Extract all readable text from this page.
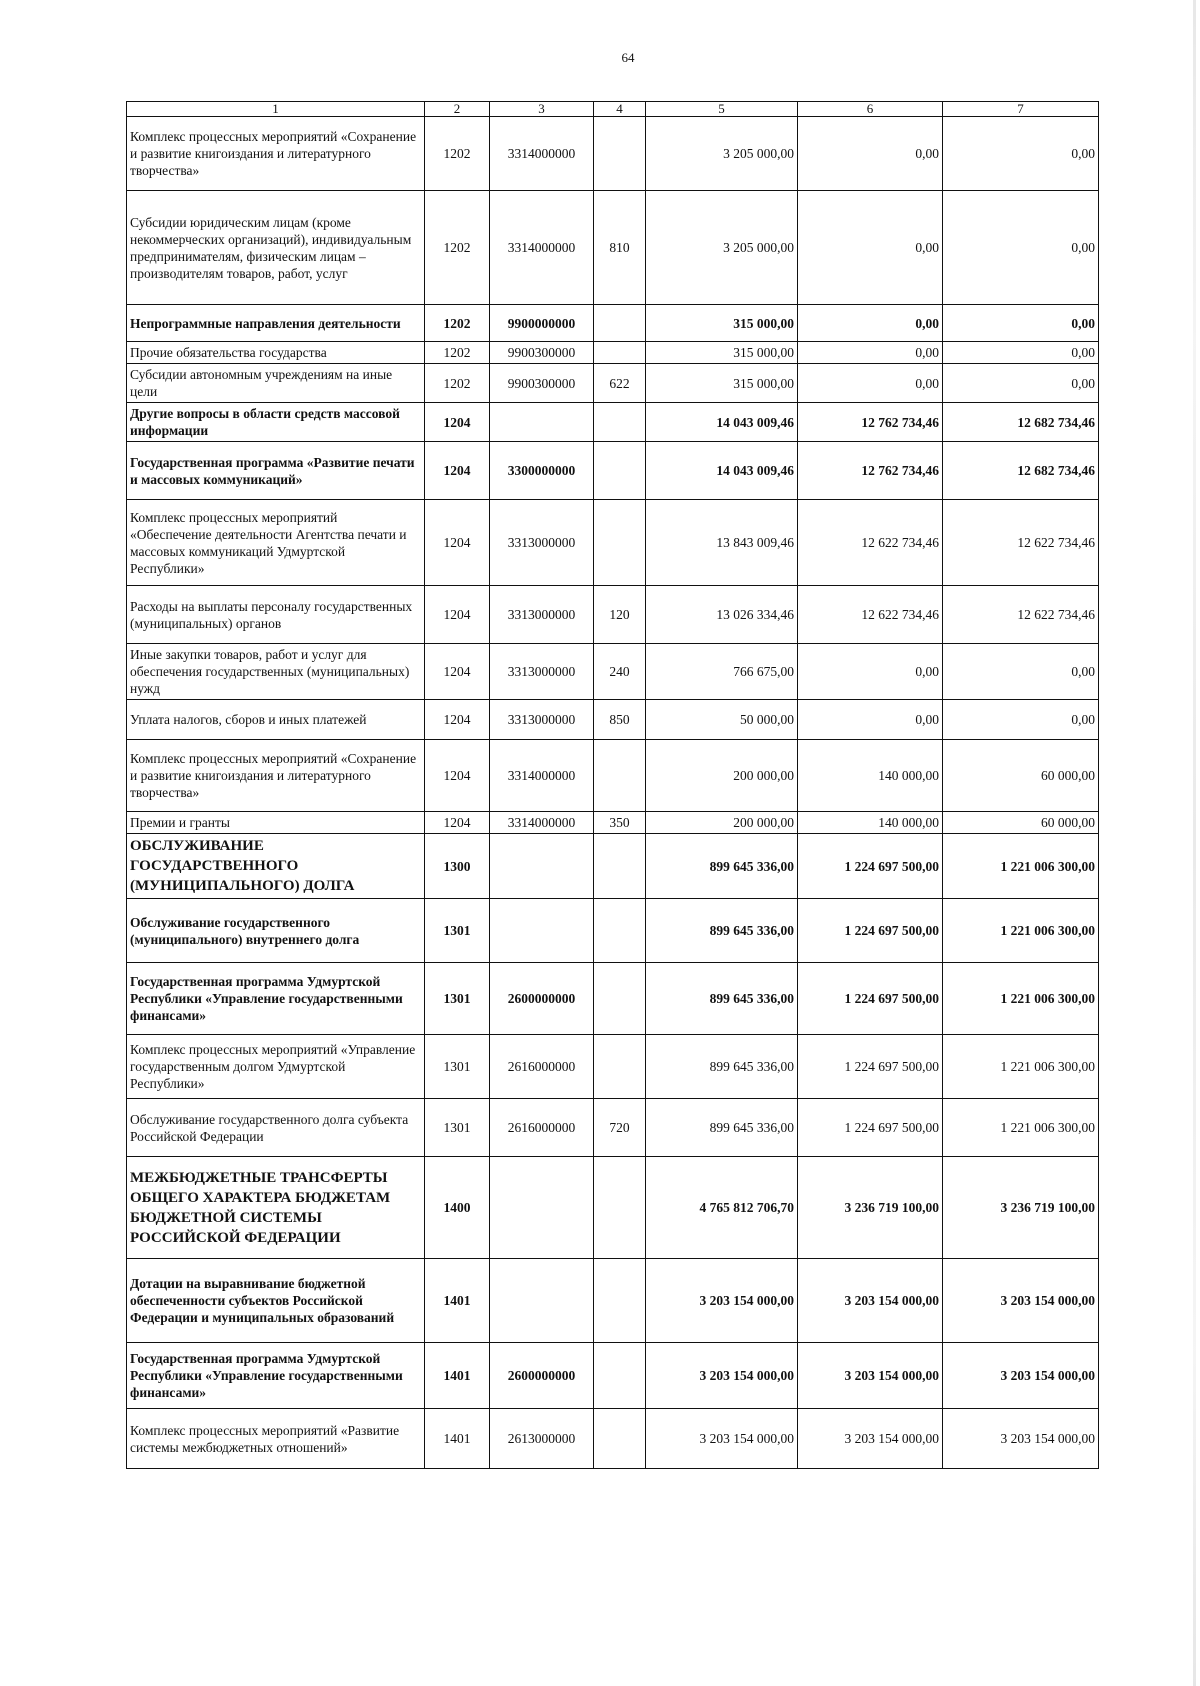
64
1	2	3	4	5	6	7
Комплекс процессных мероприятий «Сохранение и развитие книгоиздания и литературного творчества»	1202	3314000000		3 205 000,00	0,00	0,00
Субсидии юридическим лицам (кроме некоммерческих организаций), индивидуальным предпринимателям, физическим лицам – производителям товаров, работ, услуг	1202	3314000000	810	3 205 000,00	0,00	0,00
Непрограммные направления деятельности	1202	9900000000		315 000,00	0,00	0,00
Прочие обязательства государства	1202	9900300000		315 000,00	0,00	0,00
Субсидии автономным учреждениям на иные цели	1202	9900300000	622	315 000,00	0,00	0,00
Другие вопросы в области средств массовой информации	1204			14 043 009,46	12 762 734,46	12 682 734,46
Государственная программа «Развитие печати и массовых коммуникаций»	1204	3300000000		14 043 009,46	12 762 734,46	12 682 734,46
Комплекс процессных мероприятий «Обеспечение деятельности Агентства печати и массовых коммуникаций Удмуртской Республики»	1204	3313000000		13 843 009,46	12 622 734,46	12 622 734,46
Расходы на выплаты персоналу государственных (муниципальных) органов	1204	3313000000	120	13 026 334,46	12 622 734,46	12 622 734,46
Иные закупки товаров, работ и услуг для обеспечения государственных (муниципальных) нужд	1204	3313000000	240	766 675,00	0,00	0,00
Уплата налогов, сборов и иных платежей	1204	3313000000	850	50 000,00	0,00	0,00
Комплекс процессных мероприятий «Сохранение и развитие книгоиздания и литературного творчества»	1204	3314000000		200 000,00	140 000,00	60 000,00
Премии и гранты	1204	3314000000	350	200 000,00	140 000,00	60 000,00
ОБСЛУЖИВАНИЕ ГОСУДАРСТВЕННОГО (МУНИЦИПАЛЬНОГО) ДОЛГА	1300			899 645 336,00	1 224 697 500,00	1 221 006 300,00
Обслуживание государственного (муниципального) внутреннего долга	1301			899 645 336,00	1 224 697 500,00	1 221 006 300,00
Государственная программа Удмуртской Республики «Управление государственными финансами»	1301	2600000000		899 645 336,00	1 224 697 500,00	1 221 006 300,00
Комплекс процессных мероприятий «Управление государственным долгом Удмуртской Республики»	1301	2616000000		899 645 336,00	1 224 697 500,00	1 221 006 300,00
Обслуживание государственного долга субъекта Российской Федерации	1301	2616000000	720	899 645 336,00	1 224 697 500,00	1 221 006 300,00
МЕЖБЮДЖЕТНЫЕ ТРАНСФЕРТЫ ОБЩЕГО ХАРАКТЕРА БЮДЖЕТАМ БЮДЖЕТНОЙ СИСТЕМЫ РОССИЙСКОЙ ФЕДЕРАЦИИ	1400			4 765 812 706,70	3 236 719 100,00	3 236 719 100,00
Дотации на выравнивание бюджетной обеспеченности субъектов Российской Федерации и муниципальных образований	1401			3 203 154 000,00	3 203 154 000,00	3 203 154 000,00
Государственная программа Удмуртской Республики «Управление государственными финансами»	1401	2600000000		3 203 154 000,00	3 203 154 000,00	3 203 154 000,00
Комплекс процессных мероприятий «Развитие системы межбюджетных отношений»	1401	2613000000		3 203 154 000,00	3 203 154 000,00	3 203 154 000,00
